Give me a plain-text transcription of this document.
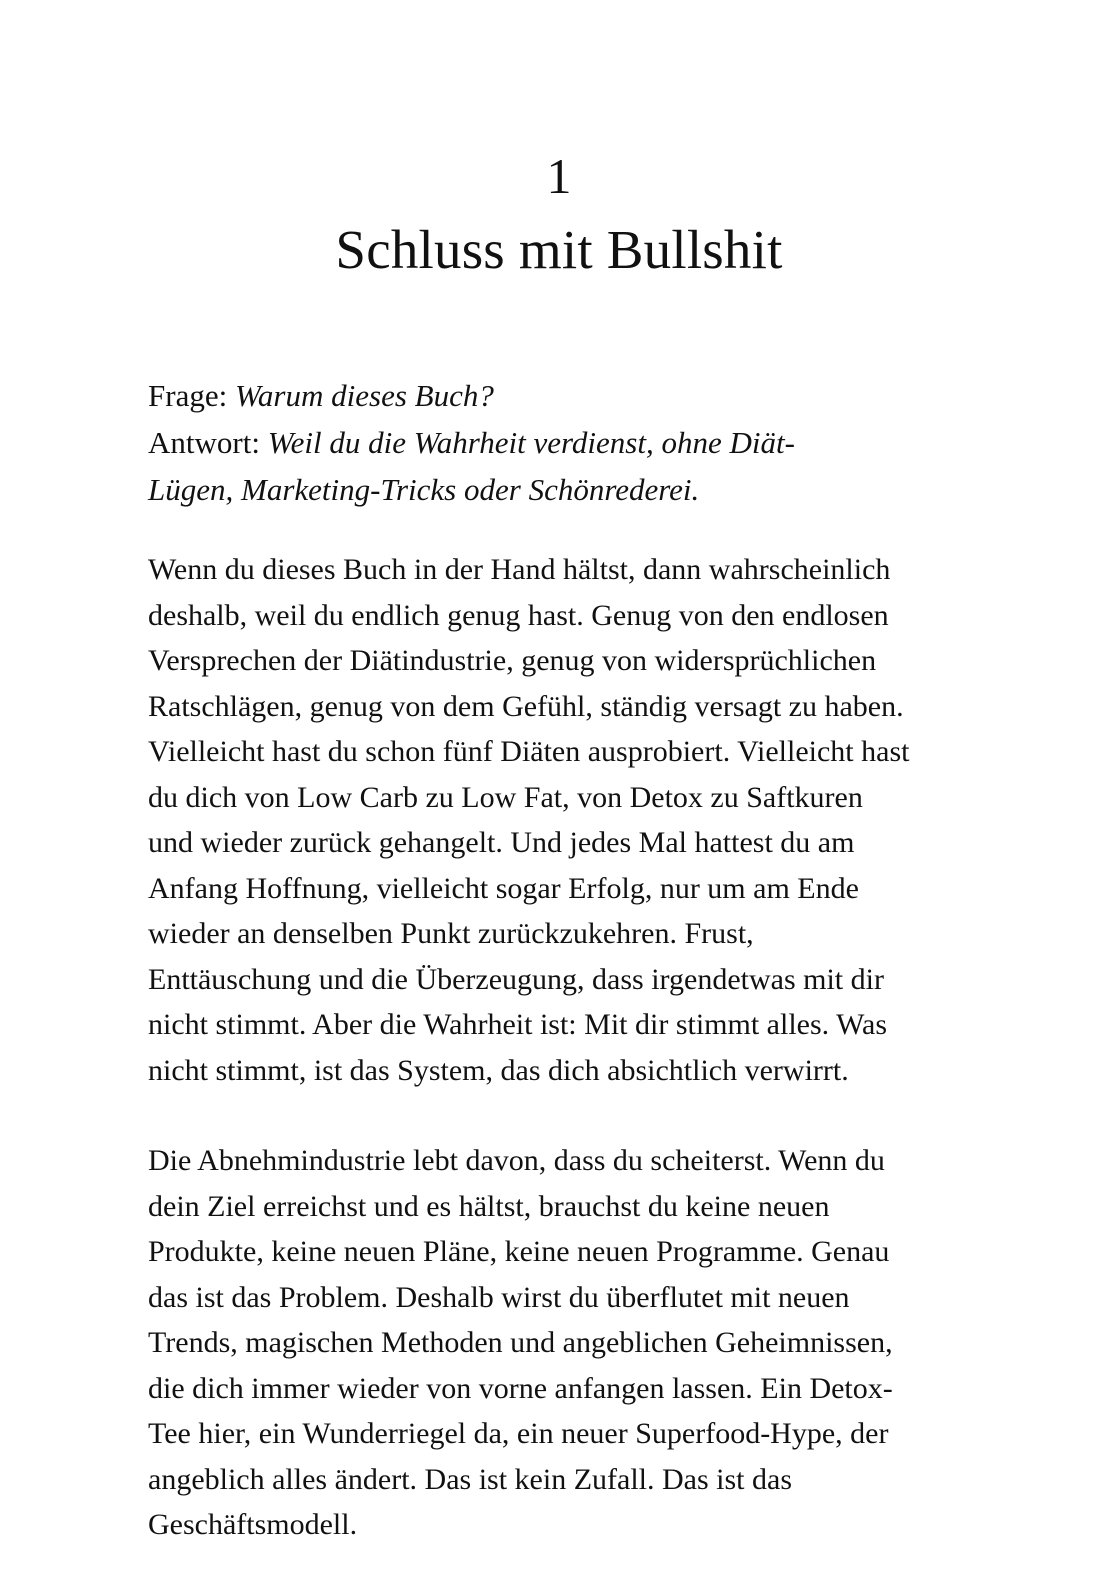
1
Schluss mit Bullshit
Frage: Warum dieses Buch?
Antwort: Weil du die Wahrheit verdienst, ohne Diät-
Lügen, Marketing-Tricks oder Schönrederei.

Wenn du dieses Buch in der Hand hältst, dann wahrscheinlich
deshalb, weil du endlich genug hast. Genug von den endlosen
Versprechen der Diätindustrie, genug von widersprüchlichen
Ratschlägen, genug von dem Gefühl, ständig versagt zu haben.
Vielleicht hast du schon fünf Diäten ausprobiert. Vielleicht hast
du dich von Low Carb zu Low Fat, von Detox zu Saftkuren
und wieder zurück gehangelt. Und jedes Mal hattest du am
Anfang Hoffnung, vielleicht sogar Erfolg, nur um am Ende
wieder an denselben Punkt zurückzukehren. Frust,
Enttäuschung und die Überzeugung, dass irgendetwas mit dir
nicht stimmt. Aber die Wahrheit ist: Mit dir stimmt alles. Was
nicht stimmt, ist das System, das dich absichtlich verwirrt.

Die Abnehmindustrie lebt davon, dass du scheiterst. Wenn du
dein Ziel erreichst und es hältst, brauchst du keine neuen
Produkte, keine neuen Pläne, keine neuen Programme. Genau
das ist das Problem. Deshalb wirst du überflutet mit neuen
Trends, magischen Methoden und angeblichen Geheimnissen,
die dich immer wieder von vorne anfangen lassen. Ein Detox-
Tee hier, ein Wunderriegel da, ein neuer Superfood-Hype, der
angeblich alles ändert. Das ist kein Zufall. Das ist das
Geschäftsmodell.
